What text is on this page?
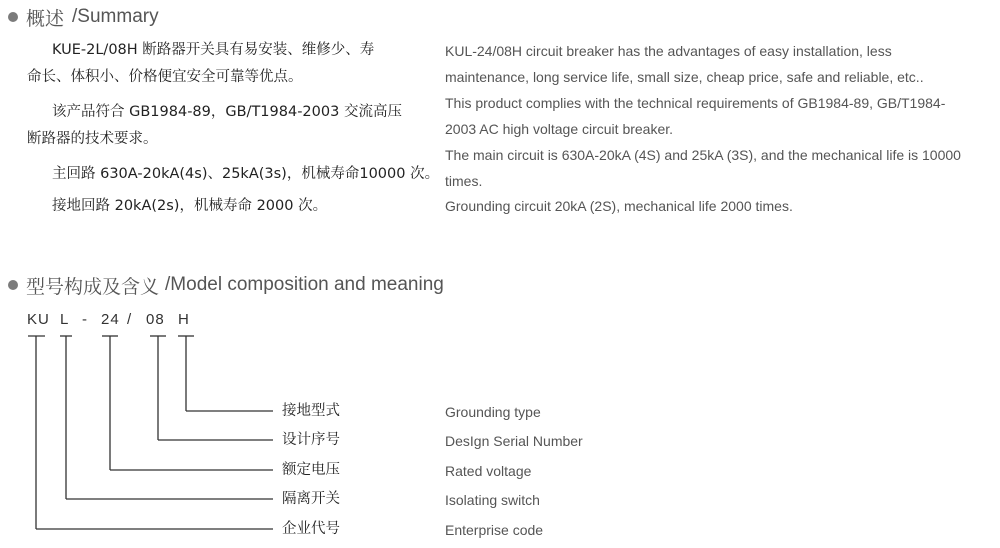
概述 /Summary
KUE-2L/08H 断路器开关具有易安装、维修少、寿
命长、体积小、价格便宜安全可靠等优点。
该产品符合 GB1984-89，GB/T1984-2003 交流高压
断路器的技术要求。
主回路 630A-20kA(4s)、25kA(3s)，机械寿命10000 次。
接地回路 20kA(2s)，机械寿命 2000 次。
KUL-24/08H circuit breaker has the advantages of easy installation, less
maintenance, long service life, small size, cheap price, safe and reliable, etc..
This product complies with the technical requirements of GB1984-89, GB/T1984-
2003 AC high voltage circuit breaker.
The main circuit is 630A-20kA (4S) and 25kA (3S), and the mechanical life is 10000
times.
Grounding circuit 20kA (2S), mechanical life 2000 times.
型号构成及含义 /Model composition and meaning
KU L - 24 / 08 H
接地型式
设计序号
额定电压
隔离开关
企业代号
Grounding type
DesIgn Serial Number
Rated voltage
Isolating switch
Enterprise code
